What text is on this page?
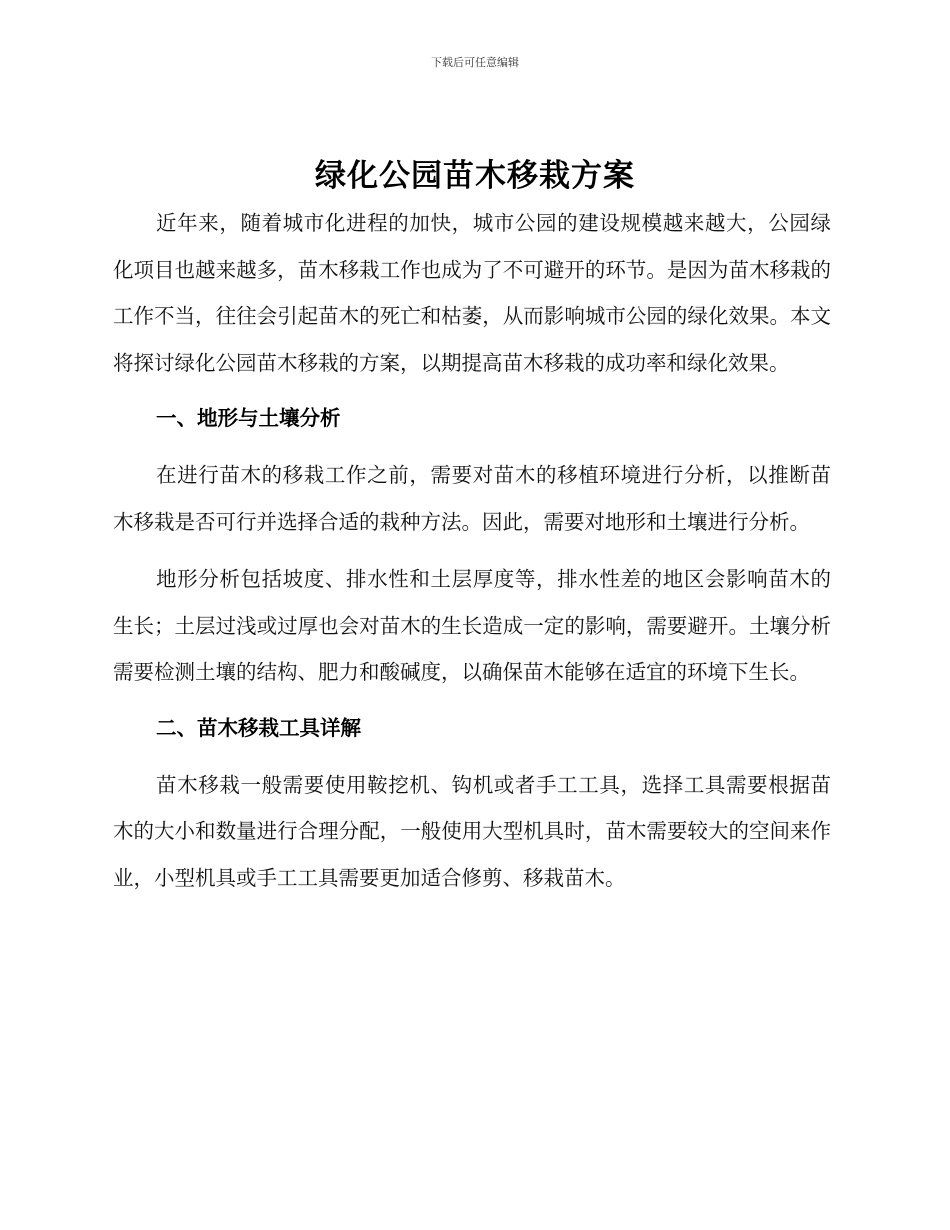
下载后可任意编辑
绿化公园苗木移栽方案

近年来，随着城市化进程的加快，城市公园的建设规模越来越大，公园绿化项目也越来越多，苗木移栽工作也成为了不可避开的环节。是因为苗木移栽的工作不当，往往会引起苗木的死亡和枯萎，从而影响城市公园的绿化效果。本文将探讨绿化公园苗木移栽的方案，以期提高苗木移栽的成功率和绿化效果。

一、地形与土壤分析

在进行苗木的移栽工作之前，需要对苗木的移植环境进行分析，以推断苗木移栽是否可行并选择合适的栽种方法。因此，需要对地形和土壤进行分析。

地形分析包括坡度、排水性和土层厚度等，排水性差的地区会影响苗木的生长；土层过浅或过厚也会对苗木的生长造成一定的影响，需要避开。土壤分析需要检测土壤的结构、肥力和酸碱度，以确保苗木能够在适宜的环境下生长。

二、苗木移栽工具详解

苗木移栽一般需要使用鞍挖机、钩机或者手工工具，选择工具需要根据苗木的大小和数量进行合理分配，一般使用大型机具时，苗木需要较大的空间来作业，小型机具或手工工具需要更加适合修剪、移栽苗木。
